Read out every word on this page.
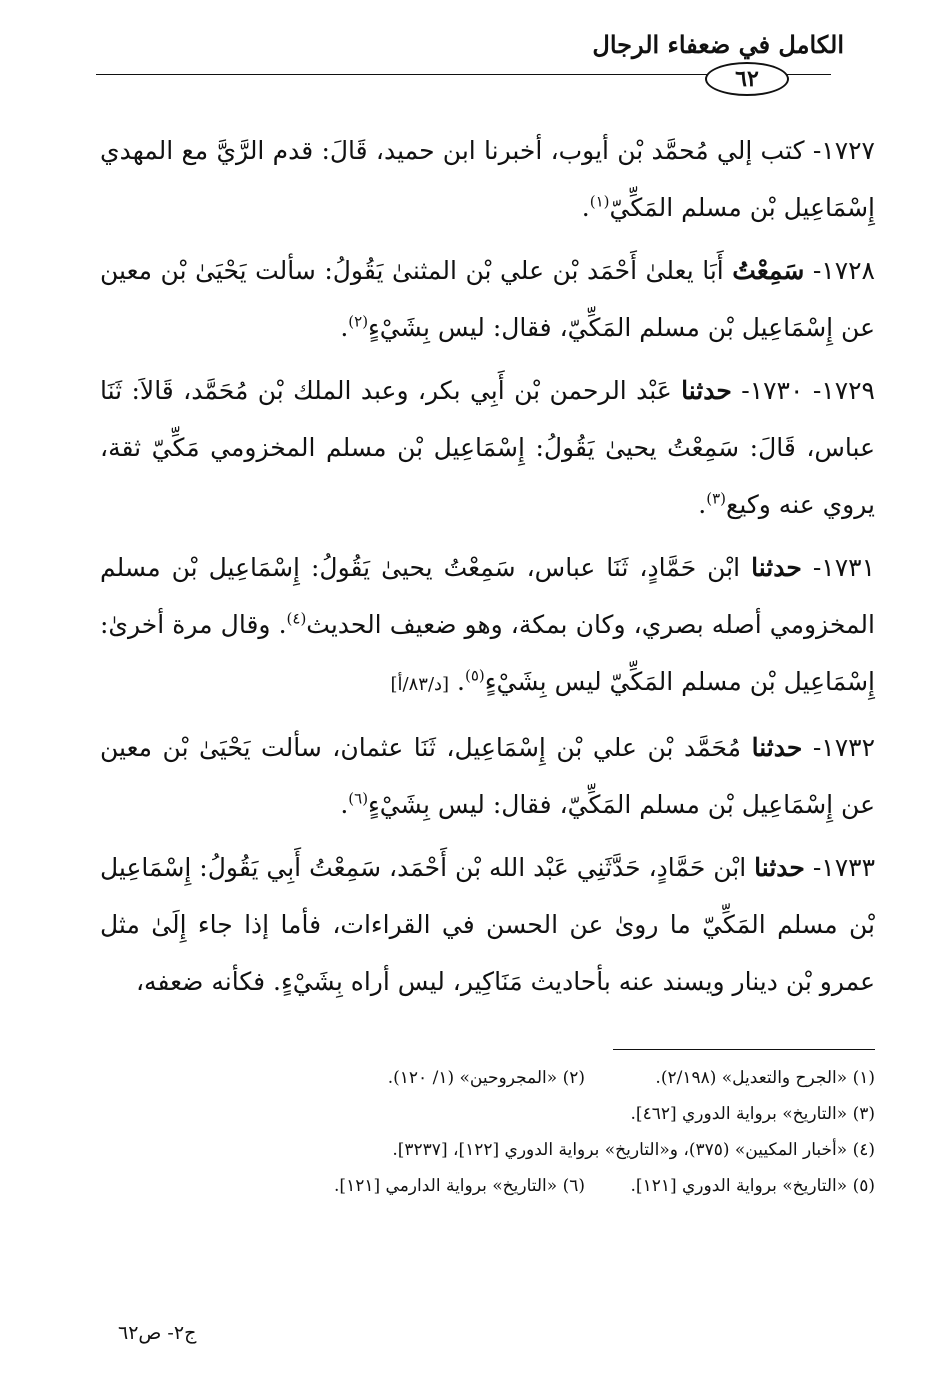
الكامل في ضعفاء الرجال
٦٢

١٧٢٧- كتب إلي مُحمَّد بْن أيوب، أخبرنا ابن حميد، قَالَ: قدم الرَّيَّ مع المهدي إِسْمَاعِيل بْن مسلم المَكِّيّ$^{(١)}$.

١٧٢٨- سَمِعْتُ أَبَا يعلىٰ أَحْمَد بْن علي بْن المثنىٰ يَقُولُ: سألت يَحْيَىٰ بْن معين عن إِسْمَاعِيل بْن مسلم المَكِّيّ، فقال: ليس بِشَيْءٍ$^{(٢)}$.

١٧٢٩- ١٧٣٠- حدثنا عَبْد الرحمن بْن أَبِي بكر، وعبد الملك بْن مُحَمَّد، قَالاَ: ثَنَا عباس، قَالَ: سَمِعْتُ يحيىٰ يَقُولُ: إِسْمَاعِيل بْن مسلم المخزومي مَكِّيّ ثقة، يروي عنه وكيع$^{(٣)}$.

١٧٣١- حدثنا ابْن حَمَّادٍ، ثَنَا عباس، سَمِعْتُ يحيىٰ يَقُولُ: إِسْمَاعِيل بْن مسلم المخزومي أصله بصري، وكان بمكة، وهو ضعيف الحديث$^{(٤)}$. وقال مرة أخرىٰ: إِسْمَاعِيل بْن مسلم المَكِّيّ ليس بِشَيْءٍ$^{(٥)}$. [د/٨٣/أ]

١٧٣٢- حدثنا مُحَمَّد بْن علي بْن إِسْمَاعِيل، ثَنَا عثمان، سألت يَحْيَىٰ بْن معين عن إِسْمَاعِيل بْن مسلم المَكِّيّ، فقال: ليس بِشَيْءٍ$^{(٦)}$.

١٧٣٣- حدثنا ابْن حَمَّادٍ، حَدَّثَنِي عَبْد الله بْن أَحْمَد، سَمِعْتُ أَبِي يَقُولُ: إِسْمَاعِيل بْن مسلم المَكِّيّ ما روىٰ عن الحسن في القراءات، فأما إذا جاء إِلَىٰ مثل عمرو بْن دينار ويسند عنه بأحاديث مَنَاكِير، ليس أراه بِشَيْءٍ. فكأنه ضعفه،

(١) «الجرح والتعديل» (٢/١٩٨).
(٢) «المجروحين» (١/ ١٢٠).
(٣) «التاريخ» برواية الدوري [٤٦٢].
(٤) «أخبار المكيين» (٣٧٥)، و«التاريخ» برواية الدوري [١٢٢]، [٣٢٣٧].
(٥) «التاريخ» برواية الدوري [١٢١].
(٦) «التاريخ» برواية الدارمي [١٢١].
ج٢- ص٦٢
